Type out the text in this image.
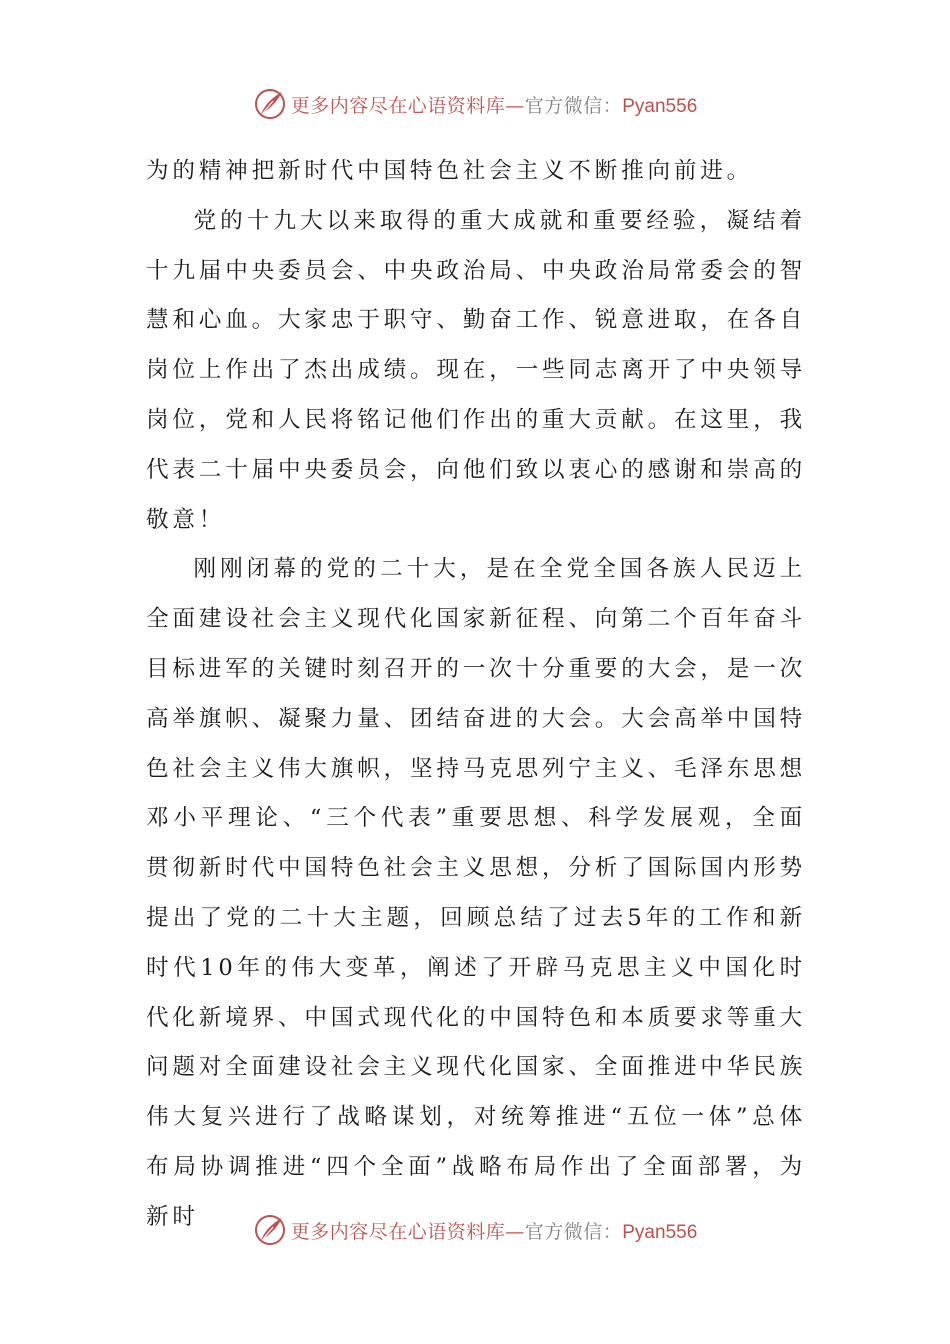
更多内容尽在心语资料库—官方微信：Pyan556

为的精神把新时代中国特色社会主义不断推向前进。

党的十九大以来取得的重大成就和重要经验，凝结着十九届中央委员会、中央政治局、中央政治局常委会的智慧和心血。大家忠于职守、勤奋工作、锐意进取，在各自岗位上作出了杰出成绩。现在，一些同志离开了中央领导岗位，党和人民将铭记他们作出的重大贡献。在这里，我代表二十届中央委员会，向他们致以衷心的感谢和崇高的敬意！

刚刚闭幕的党的二十大，是在全党全国各族人民迈上全面建设社会主义现代化国家新征程、向第二个百年奋斗目标进军的关键时刻召开的一次十分重要的大会，是一次高举旗帜、凝聚力量、团结奋进的大会。大会高举中国特色社会主义伟大旗帜，坚持马克思列宁主义、毛泽东思想邓小平理论、“三个代表”重要思想、科学发展观，全面贯彻新时代中国特色社会主义思想，分析了国际国内形势提出了党的二十大主题，回顾总结了过去5年的工作和新时代10年的伟大变革，阐述了开辟马克思主义中国化时代化新境界、中国式现代化的中国特色和本质要求等重大问题对全面建设社会主义现代化国家、全面推进中华民族伟大复兴进行了战略谋划，对统筹推进“五位一体”总体布局协调推进“四个全面”战略布局作出了全面部署，为新时

更多内容尽在心语资料库—官方微信：Pyan556
